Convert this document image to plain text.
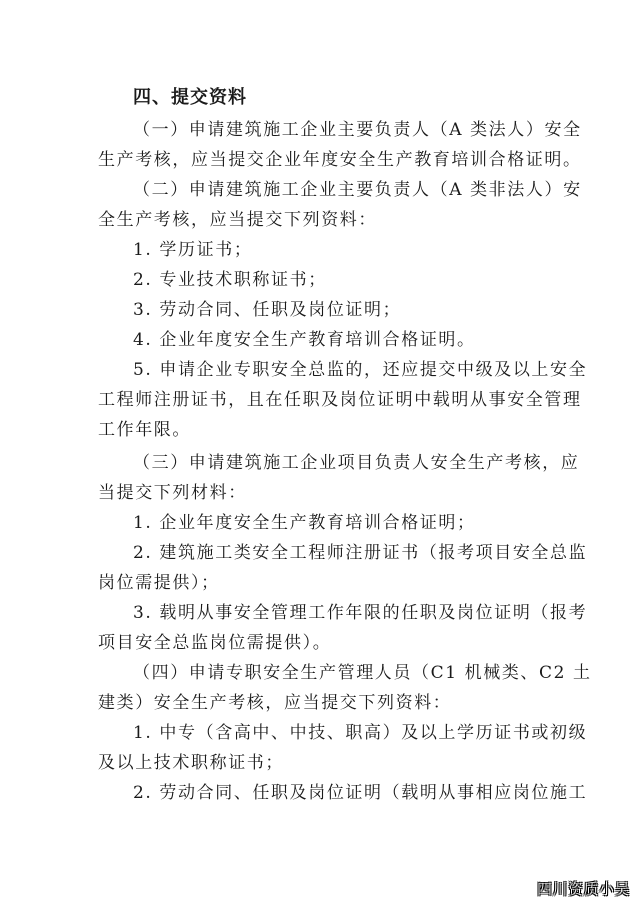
四、提交资料
（一）申请建筑施工企业主要负责人（A 类法人）安全
生产考核，应当提交企业年度安全生产教育培训合格证明。
（二）申请建筑施工企业主要负责人（A 类非法人）安
全生产考核，应当提交下列资料：
1. 学历证书；
2. 专业技术职称证书；
3. 劳动合同、任职及岗位证明；
4. 企业年度安全生产教育培训合格证明。
5. 申请企业专职安全总监的，还应提交中级及以上安全
工程师注册证书，且在任职及岗位证明中载明从事安全管理
工作年限。
（三）申请建筑施工企业项目负责人安全生产考核，应
当提交下列材料：
1. 企业年度安全生产教育培训合格证明；
2. 建筑施工类安全工程师注册证书（报考项目安全总监
岗位需提供）；
3. 载明从事安全管理工作年限的任职及岗位证明（报考
项目安全总监岗位需提供）。
（四）申请专职安全生产管理人员（C1 机械类、C2 土
建类）安全生产考核，应当提交下列资料：
1. 中专（含高中、中技、职高）及以上学历证书或初级
及以上技术职称证书；
2. 劳动合同、任职及岗位证明（载明从事相应岗位施工
四川资质小吴
